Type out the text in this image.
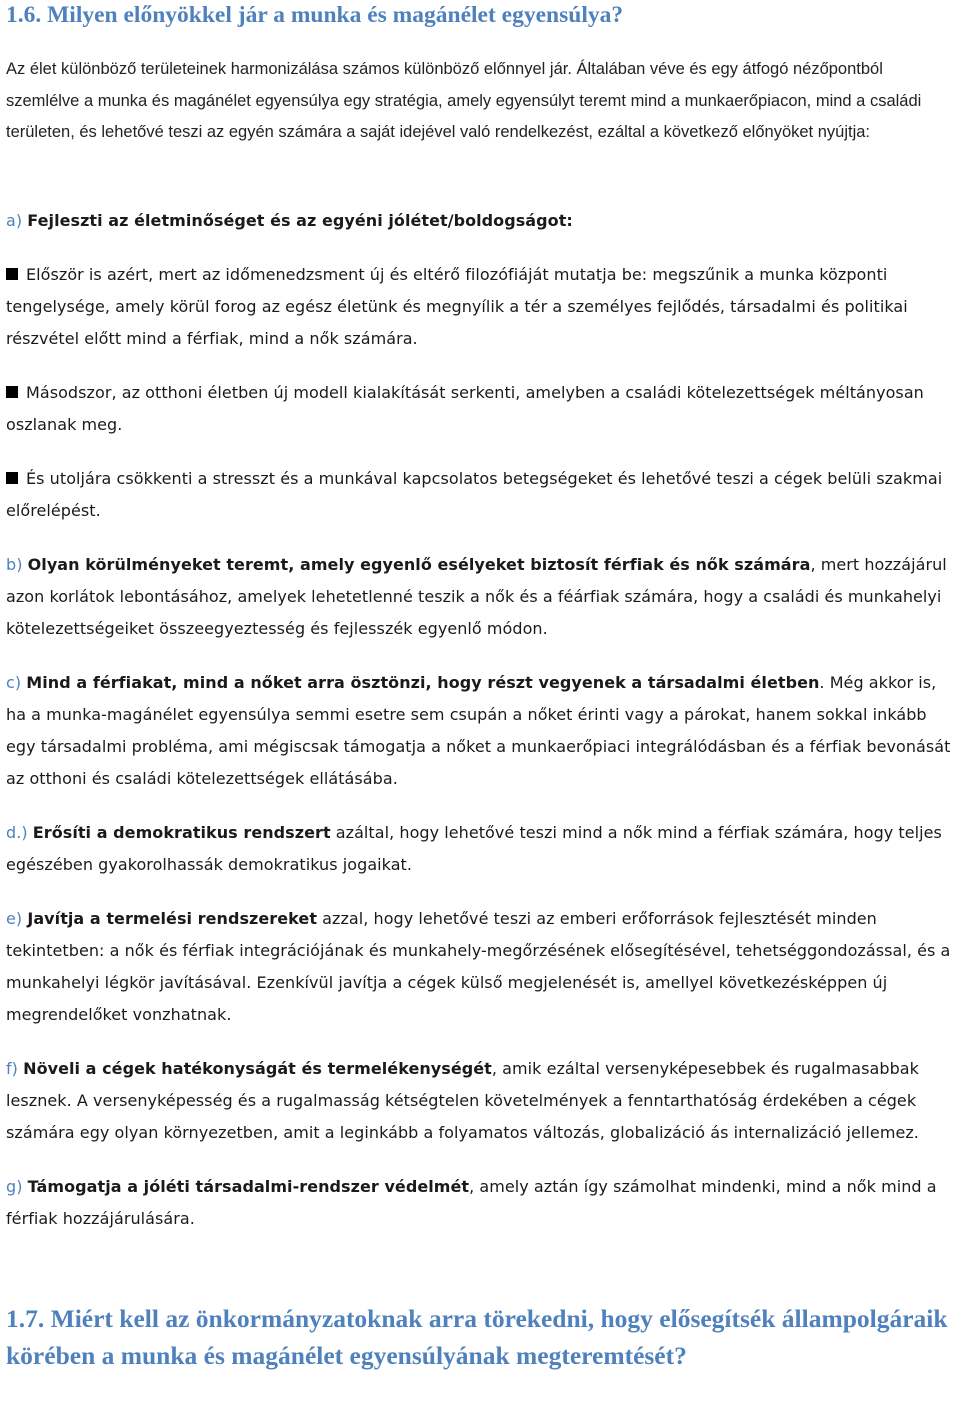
1.6. Milyen előnyökkel jár a munka és magánélet egyensúlya?

Az élet különböző területeinek harmonizálása számos különböző előnnyel jár. Általában véve és egy átfogó nézőpontból szemlélve a munka és magánélet egyensúlya egy stratégia, amely egyensúlyt teremt mind a munkaerőpiacon, mind a családi területen, és lehetővé teszi az egyén számára a saját idejével való rendelkezést, ezáltal a következő előnyöket nyújtja:

a) Fejleszti az életminőséget és az egyéni jólétet/boldogságot:

Először is azért, mert az időmenedzsment új és eltérő filozófiáját mutatja be: megszűnik a munka központi tengelysége, amely körül forog az egész életünk és megnyílik a tér a személyes fejlődés, társadalmi és politikai részvétel előtt mind a férfiak, mind a nők számára.

Másodszor, az otthoni életben új modell kialakítását serkenti, amelyben a családi kötelezettségek méltányosan oszlanak meg.

És utoljára csökkenti a stresszt és a munkával kapcsolatos betegségeket és lehetővé teszi a cégek belüli szakmai előrelépést.

b) Olyan körülményeket teremt, amely egyenlő esélyeket biztosít férfiak és nők számára, mert hozzájárul azon korlátok lebontásához, amelyek lehetetlenné teszik a nők és a féárfiak számára, hogy a családi és munkahelyi kötelezettségeiket összeegyeztesség és fejlesszék egyenlő módon.

c) Mind a férfiakat, mind a nőket arra ösztönzi, hogy részt vegyenek a társadalmi életben. Még akkor is, ha a munka-magánélet egyensúlya semmi esetre sem csupán a nőket érinti vagy a párokat, hanem sokkal inkább egy társadalmi probléma, ami mégiscsak támogatja a nőket a munkaerőpiaci integrálódásban és a férfiak bevonását az otthoni és családi kötelezettségek ellátásába.

d.) Erősíti a demokratikus rendszert azáltal, hogy lehetővé teszi mind a nők mind a férfiak számára, hogy teljes egészében gyakorolhassák demokratikus jogaikat.

e) Javítja a termelési rendszereket azzal, hogy lehetővé teszi az emberi erőforrások fejlesztését minden tekintetben: a nők és férfiak integrációjának és munkahely-megőrzésének elősegítésével, tehetséggondozással, és a munkahelyi légkör javításával. Ezenkívül javítja a cégek külső megjelenését is, amellyel következésképpen új megrendelőket vonzhatnak.

f) Növeli a cégek hatékonyságát és termelékenységét, amik ezáltal versenyképesebbek és rugalmasabbak lesznek. A versenyképesség és a rugalmasság kétségtelen követelmények a fenntarthatóság érdekében a cégek számára egy olyan környezetben, amit a leginkább a folyamatos változás, globalizáció ás internalizáció jellemez.

g) Támogatja a jóléti társadalmi-rendszer védelmét, amely aztán így számolhat mindenki, mind a nők mind a férfiak hozzájárulására.

1.7. Miért kell az önkormányzatoknak arra törekedni, hogy elősegítsék állampolgáraik körében a munka és magánélet egyensúlyának megteremtését?
